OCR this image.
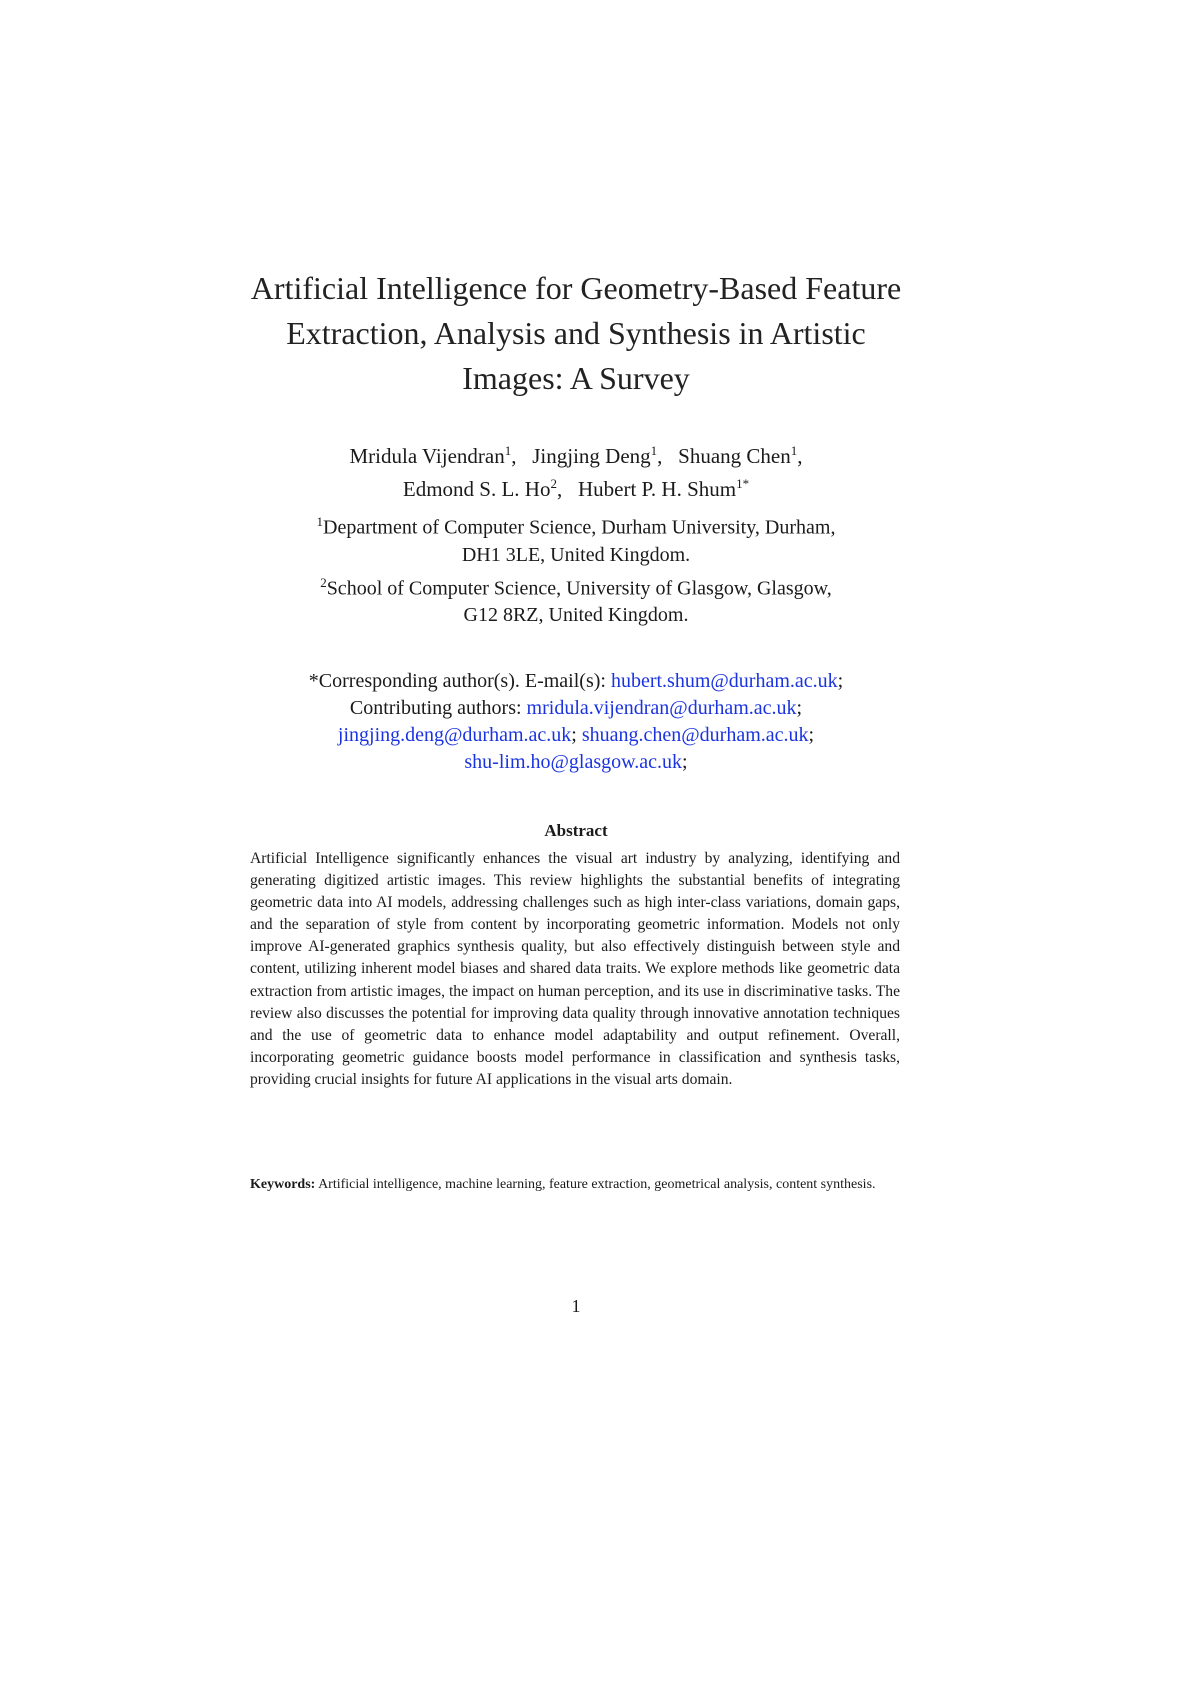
Artificial Intelligence for Geometry-Based Feature
Extraction, Analysis and Synthesis in Artistic
Images: A Survey
Mridula Vijendran$^1$,   Jingjing Deng$^1$,   Shuang Chen$^1$,
Edmond S. L. Ho$^2$,   Hubert P. H. Shum$^{1*}$
$^1$Department of Computer Science, Durham University, Durham,
DH1 3LE, United Kingdom.
$^2$School of Computer Science, University of Glasgow, Glasgow,
G12 8RZ, United Kingdom.
*Corresponding author(s). E-mail(s): hubert.shum@durham.ac.uk;
Contributing authors: mridula.vijendran@durham.ac.uk;
jingjing.deng@durham.ac.uk; shuang.chen@durham.ac.uk;
shu-lim.ho@glasgow.ac.uk;
Abstract
Artificial Intelligence significantly enhances the visual art industry by analyzing, identifying and generating digitized artistic images. This review highlights the substantial benefits of integrating geometric data into AI models, addressing challenges such as high inter-class variations, domain gaps, and the separation of style from content by incorporating geometric information. Models not only improve AI-generated graphics synthesis quality, but also effectively distinguish between style and content, utilizing inherent model biases and shared data traits. We explore methods like geometric data extraction from artistic images, the impact on human perception, and its use in discriminative tasks. The review also discusses the potential for improving data quality through innovative annotation techniques and the use of geometric data to enhance model adaptability and output refinement. Overall, incorporating geometric guidance boosts model performance in classification and synthesis tasks, providing crucial insights for future AI applications in the visual arts domain.
Keywords: Artificial intelligence, machine learning, feature extraction, geometrical analysis, content synthesis.
1
